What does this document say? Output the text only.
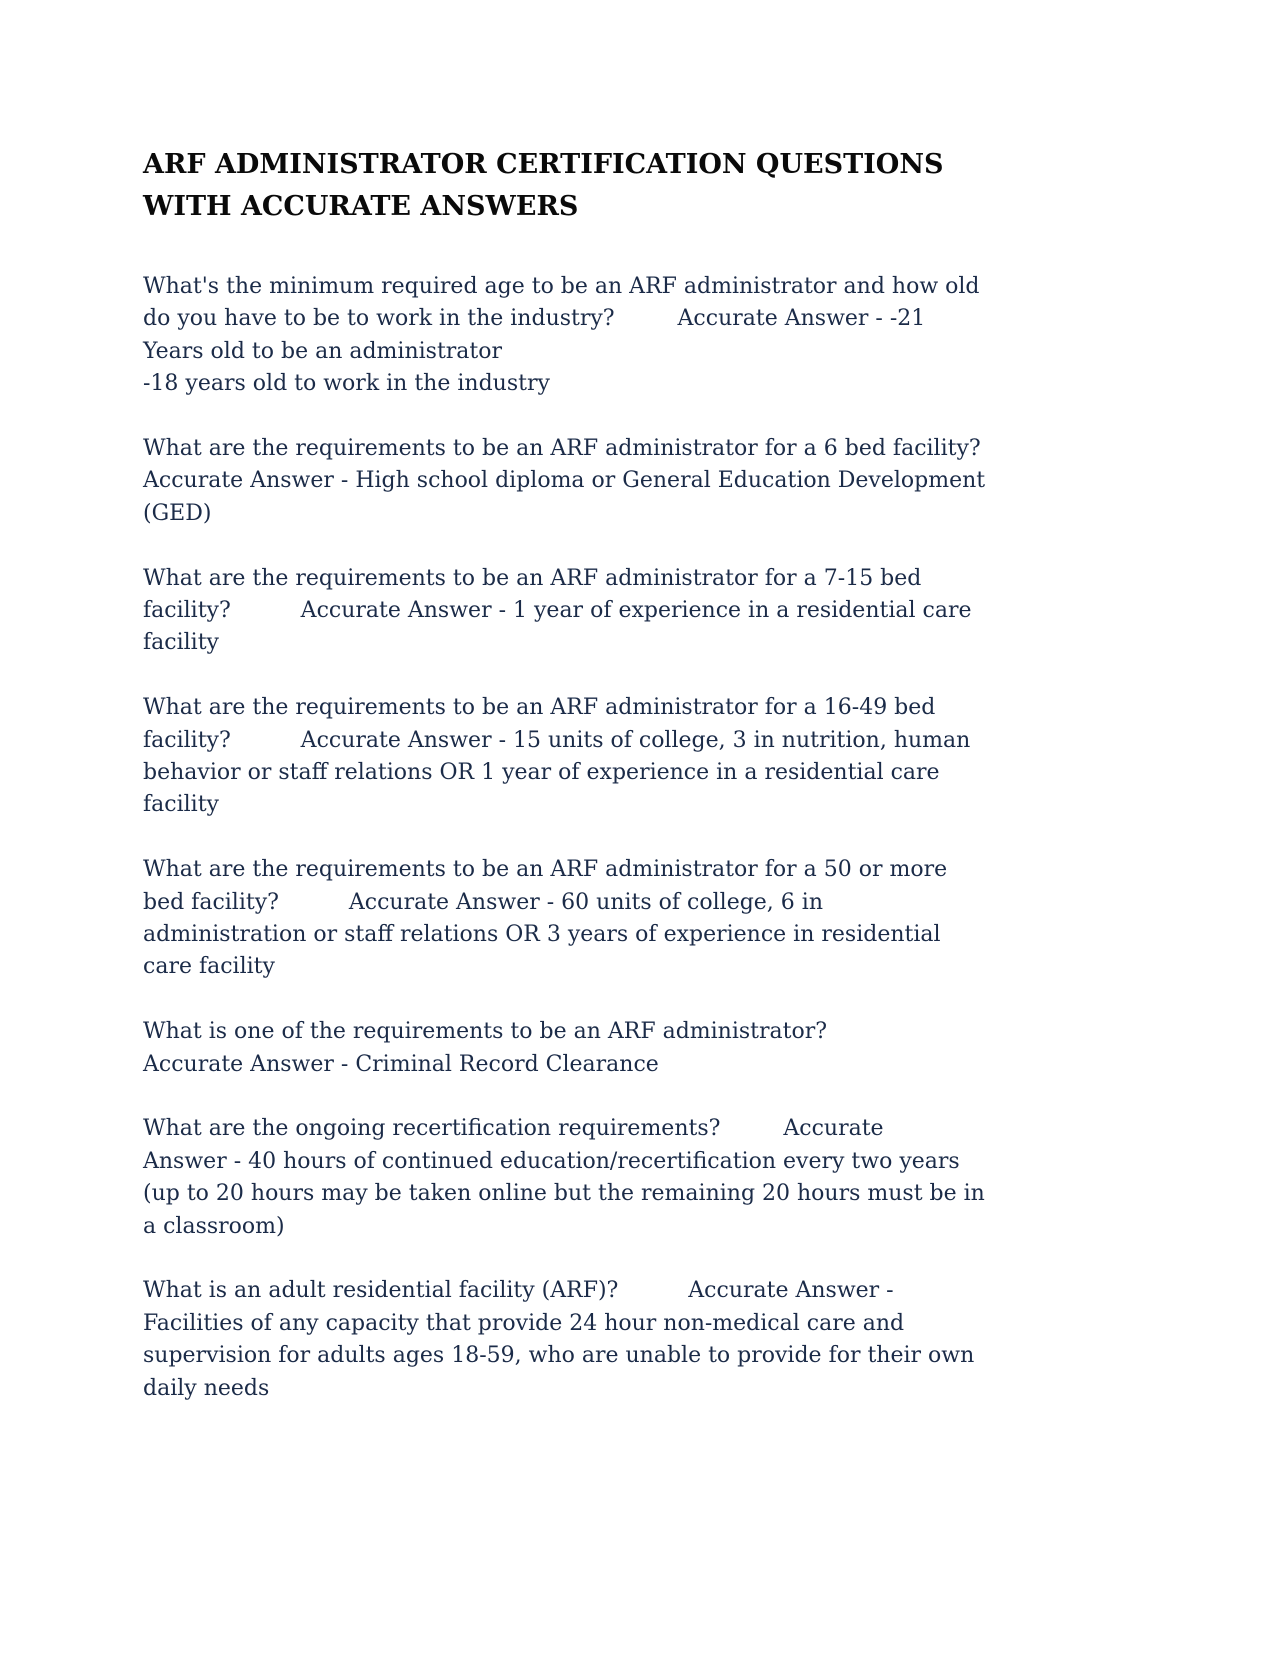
ARF ADMINISTRATOR CERTIFICATION QUESTIONS
WITH ACCURATE ANSWERS
What's the minimum required age to be an ARF administrator and how old
do you have to be to work in the industry?         Accurate Answer - -21
Years old to be an administrator
-18 years old to work in the industry
What are the requirements to be an ARF administrator for a 6 bed facility?
Accurate Answer - High school diploma or General Education Development
(GED)
What are the requirements to be an ARF administrator for a 7-15 bed
facility?          Accurate Answer - 1 year of experience in a residential care
facility
What are the requirements to be an ARF administrator for a 16-49 bed
facility?          Accurate Answer - 15 units of college, 3 in nutrition, human
behavior or staff relations OR 1 year of experience in a residential care
facility
What are the requirements to be an ARF administrator for a 50 or more
bed facility?          Accurate Answer - 60 units of college, 6 in
administration or staff relations OR 3 years of experience in residential
care facility
What is one of the requirements to be an ARF administrator?
Accurate Answer - Criminal Record Clearance
What are the ongoing recertification requirements?         Accurate
Answer - 40 hours of continued education/recertification every two years
(up to 20 hours may be taken online but the remaining 20 hours must be in
a classroom)
What is an adult residential facility (ARF)?          Accurate Answer -
Facilities of any capacity that provide 24 hour non-medical care and
supervision for adults ages 18-59, who are unable to provide for their own
daily needs
